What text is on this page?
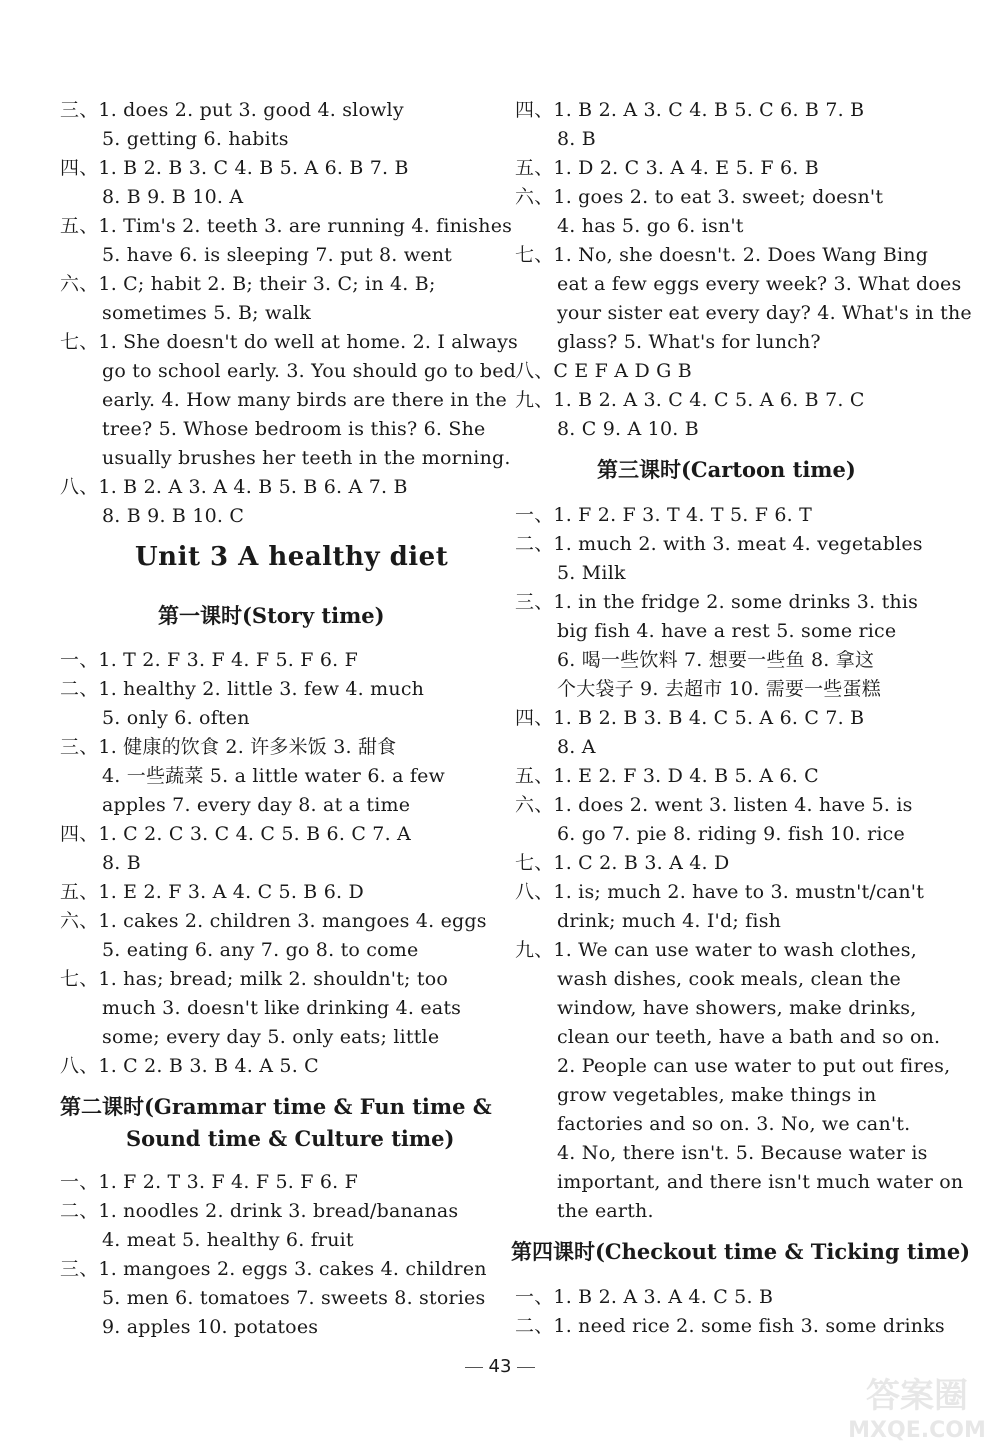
三、1. does 2. put 3. good 4. slowly
5. getting 6. habits
四、1. B 2. B 3. C 4. B 5. A 6. B 7. B
8. B 9. B 10. A
五、1. Tim's 2. teeth 3. are running 4. finishes
5. have 6. is sleeping 7. put 8. went
六、1. C; habit 2. B; their 3. C; in 4. B;
sometimes 5. B; walk
七、1. She doesn't do well at home. 2. I always
go to school early. 3. You should go to bed
early. 4. How many birds are there in the
tree? 5. Whose bedroom is this? 6. She
usually brushes her teeth in the morning.
八、1. B 2. A 3. A 4. B 5. B 6. A 7. B
8. B 9. B 10. C
Unit 3 A healthy diet
第一课时(Story time)
一、1. T 2. F 3. F 4. F 5. F 6. F
二、1. healthy 2. little 3. few 4. much
5. only 6. often
三、1. 健康的饮食 2. 许多米饭 3. 甜食
4. 一些蔬菜 5. a little water 6. a few
apples 7. every day 8. at a time
四、1. C 2. C 3. C 4. C 5. B 6. C 7. A
8. B
五、1. E 2. F 3. A 4. C 5. B 6. D
六、1. cakes 2. children 3. mangoes 4. eggs
5. eating 6. any 7. go 8. to come
七、1. has; bread; milk 2. shouldn't; too
much 3. doesn't like drinking 4. eats
some; every day 5. only eats; little
八、1. C 2. B 3. B 4. A 5. C
第二课时(Grammar time & Fun time &
Sound time & Culture time)
一、1. F 2. T 3. F 4. F 5. F 6. F
二、1. noodles 2. drink 3. bread/bananas
4. meat 5. healthy 6. fruit
三、1. mangoes 2. eggs 3. cakes 4. children
5. men 6. tomatoes 7. sweets 8. stories
9. apples 10. potatoes
四、1. B 2. A 3. C 4. B 5. C 6. B 7. B
8. B
五、1. D 2. C 3. A 4. E 5. F 6. B
六、1. goes 2. to eat 3. sweet; doesn't
4. has 5. go 6. isn't
七、1. No, she doesn't. 2. Does Wang Bing
eat a few eggs every week? 3. What does
your sister eat every day? 4. What's in the
glass? 5. What's for lunch?
八、C E F A D G B
九、1. B 2. A 3. C 4. C 5. A 6. B 7. C
8. C 9. A 10. B
第三课时(Cartoon time)
一、1. F 2. F 3. T 4. T 5. F 6. T
二、1. much 2. with 3. meat 4. vegetables
5. Milk
三、1. in the fridge 2. some drinks 3. this
big fish 4. have a rest 5. some rice
6. 喝一些饮料 7. 想要一些鱼 8. 拿这
个大袋子 9. 去超市 10. 需要一些蛋糕
四、1. B 2. B 3. B 4. C 5. A 6. C 7. B
8. A
五、1. E 2. F 3. D 4. B 5. A 6. C
六、1. does 2. went 3. listen 4. have 5. is
6. go 7. pie 8. riding 9. fish 10. rice
七、1. C 2. B 3. A 4. D
八、1. is; much 2. have to 3. mustn't/can't
drink; much 4. I'd; fish
九、1. We can use water to wash clothes,
wash dishes, cook meals, clean the
window, have showers, make drinks,
clean our teeth, have a bath and so on.
2. People can use water to put out fires,
grow vegetables, make things in
factories and so on. 3. No, we can't.
4. No, there isn't. 5. Because water is
important, and there isn't much water on
the earth.
第四课时(Checkout time & Ticking time)
一、1. B 2. A 3. A 4. C 5. B
二、1. need rice 2. some fish 3. some drinks
43
答案圈
MXQE.COM
